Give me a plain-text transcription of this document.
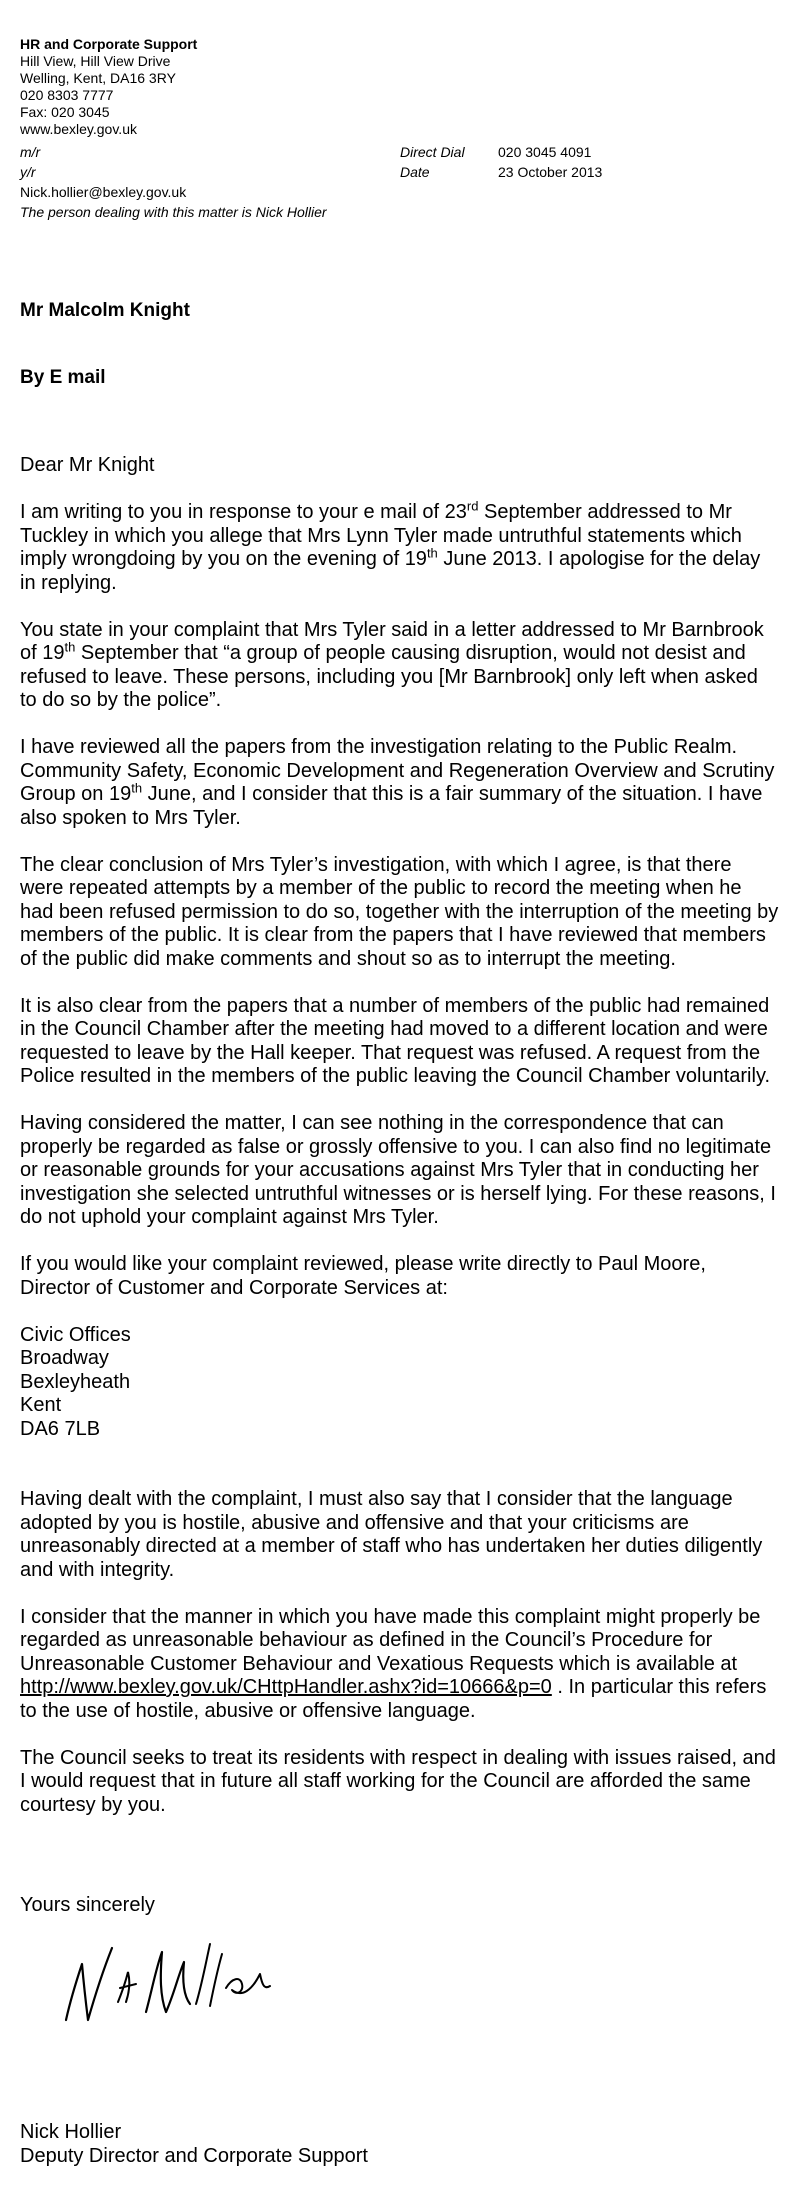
HR and Corporate Support
Hill View, Hill View Drive
Welling, Kent, DA16 3RY
020 8303 7777
Fax: 020 3045
www.bexley.gov.uk
m/r	Direct Dial 020 3045 4091
y/r	Date	23 October 2013
Nick.hollier@bexley.gov.uk
The person dealing with this matter is Nick Hollier
Mr Malcolm Knight
By E mail

Dear Mr Knight

I am writing to you in response to your e mail of 23rd September addressed to Mr Tuckley in which you allege that Mrs Lynn Tyler made untruthful statements which imply wrongdoing by you on the evening of 19th June 2013. I apologise for the delay in replying.

You state in your complaint that Mrs Tyler said in a letter addressed to Mr Barnbrook of 19th September that “a group of people causing disruption, would not desist and refused to leave. These persons, including you [Mr Barnbrook] only left when asked to do so by the police”.

I have reviewed all the papers from the investigation relating to the Public Realm. Community Safety, Economic Development and Regeneration Overview and Scrutiny Group on 19th June, and I consider that this is a fair summary of the situation. I have also spoken to Mrs Tyler.

The clear conclusion of Mrs Tyler’s investigation, with which I agree, is that there were repeated attempts by a member of the public to record the meeting when he had been refused permission to do so, together with the interruption of the meeting by members of the public. It is clear from the papers that I have reviewed that members of the public did make comments and shout so as to interrupt the meeting.

It is also clear from the papers that a number of members of the public had remained in the Council Chamber after the meeting had moved to a different location and were requested to leave by the Hall keeper. That request was refused. A request from the Police resulted in the members of the public leaving the Council Chamber voluntarily.

Having considered the matter, I can see nothing in the correspondence that can properly be regarded as false or grossly offensive to you. I can also find no legitimate or reasonable grounds for your accusations against Mrs Tyler that in conducting her investigation she selected untruthful witnesses or is herself lying. For these reasons, I do not uphold your complaint against Mrs Tyler.

If you would like your complaint reviewed, please write directly to Paul Moore, Director of Customer and Corporate Services at:

Civic Offices
Broadway
Bexleyheath
Kent
DA6 7LB

Having dealt with the complaint, I must also say that I consider that the language adopted by you is hostile, abusive and offensive and that your criticisms are unreasonably directed at a member of staff who has undertaken her duties diligently and with integrity.

I consider that the manner in which you have made this complaint might properly be regarded as unreasonable behaviour as defined in the Council’s Procedure for Unreasonable Customer Behaviour and Vexatious Requests which is available at http://www.bexley.gov.uk/CHttpHandler.ashx?id=10666&p=0 . In particular this refers to the use of hostile, abusive or offensive language.

The Council seeks to treat its residents with respect in dealing with issues raised, and I would request that in future all staff working for the Council are afforded the same courtesy by you.

Yours sincerely
Nick Hollier
Deputy Director and Corporate Support
